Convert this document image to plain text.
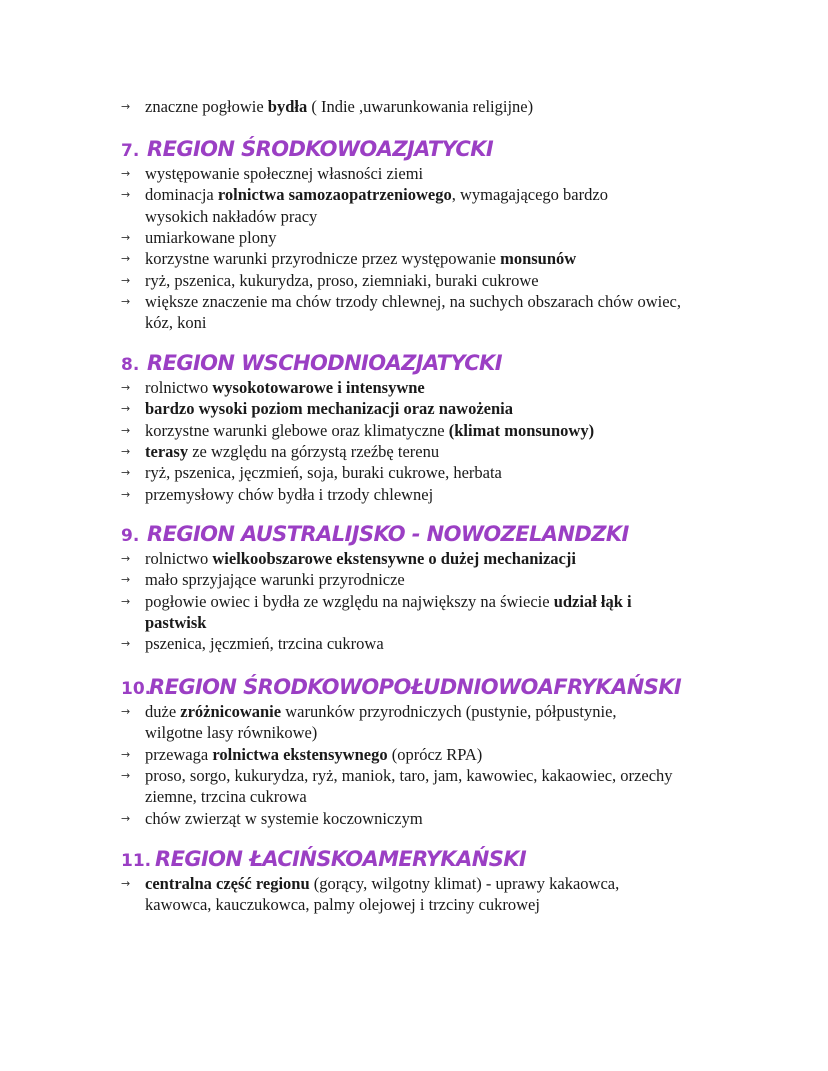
→ znaczne pogłowie bydła ( Indie ,uwarunkowania religijne)
7. REGION ŚRODKOWOAZJATYCKI
→ występowanie społecznej własności ziemi
→ dominacja rolnictwa samozaopatrzeniowego, wymagającego bardzo
wysokich nakładów pracy
→ umiarkowane plony
→ korzystne warunki przyrodnicze przez występowanie monsunów
→ ryż, pszenica, kukurydza, proso, ziemniaki, buraki cukrowe
→ większe znaczenie ma chów trzody chlewnej, na suchych obszarach chów owiec,
kóz, koni
8. REGION WSCHODNIOAZJATYCKI
→ rolnictwo wysokotowarowe i intensywne
→ bardzo wysoki poziom mechanizacji oraz nawożenia
→ korzystne warunki glebowe oraz klimatyczne (klimat monsunowy)
→ terasy ze względu na górzystą rzeźbę terenu
→ ryż, pszenica, jęczmień, soja, buraki cukrowe, herbata
→ przemysłowy chów bydła i trzody chlewnej
9. REGION AUSTRALIJSKO - NOWOZELANDZKI
→ rolnictwo wielkoobszarowe ekstensywne o dużej mechanizacji
→ mało sprzyjające warunki przyrodnicze
→ pogłowie owiec i bydła ze względu na największy na świecie udział łąk i
pastwisk
→ pszenica, jęczmień, trzcina cukrowa
10.REGION ŚRODKOWOPOŁUDNIOWOAFRYKAŃSKI
→ duże zróżnicowanie warunków przyrodniczych (pustynie, półpustynie,
wilgotne lasy równikowe)
→ przewaga rolnictwa ekstensywnego (oprócz RPA)
→ proso, sorgo, kukurydza, ryż, maniok, taro, jam, kawowiec, kakaowiec, orzechy
ziemne, trzcina cukrowa
→ chów zwierząt w systemie koczowniczym
11. REGION ŁACIŃSKOAMERYKAŃSKI
→ centralna część regionu (gorący, wilgotny klimat) - uprawy kakaowca,
kawowca, kauczukowca, palmy olejowej i trzciny cukrowej
